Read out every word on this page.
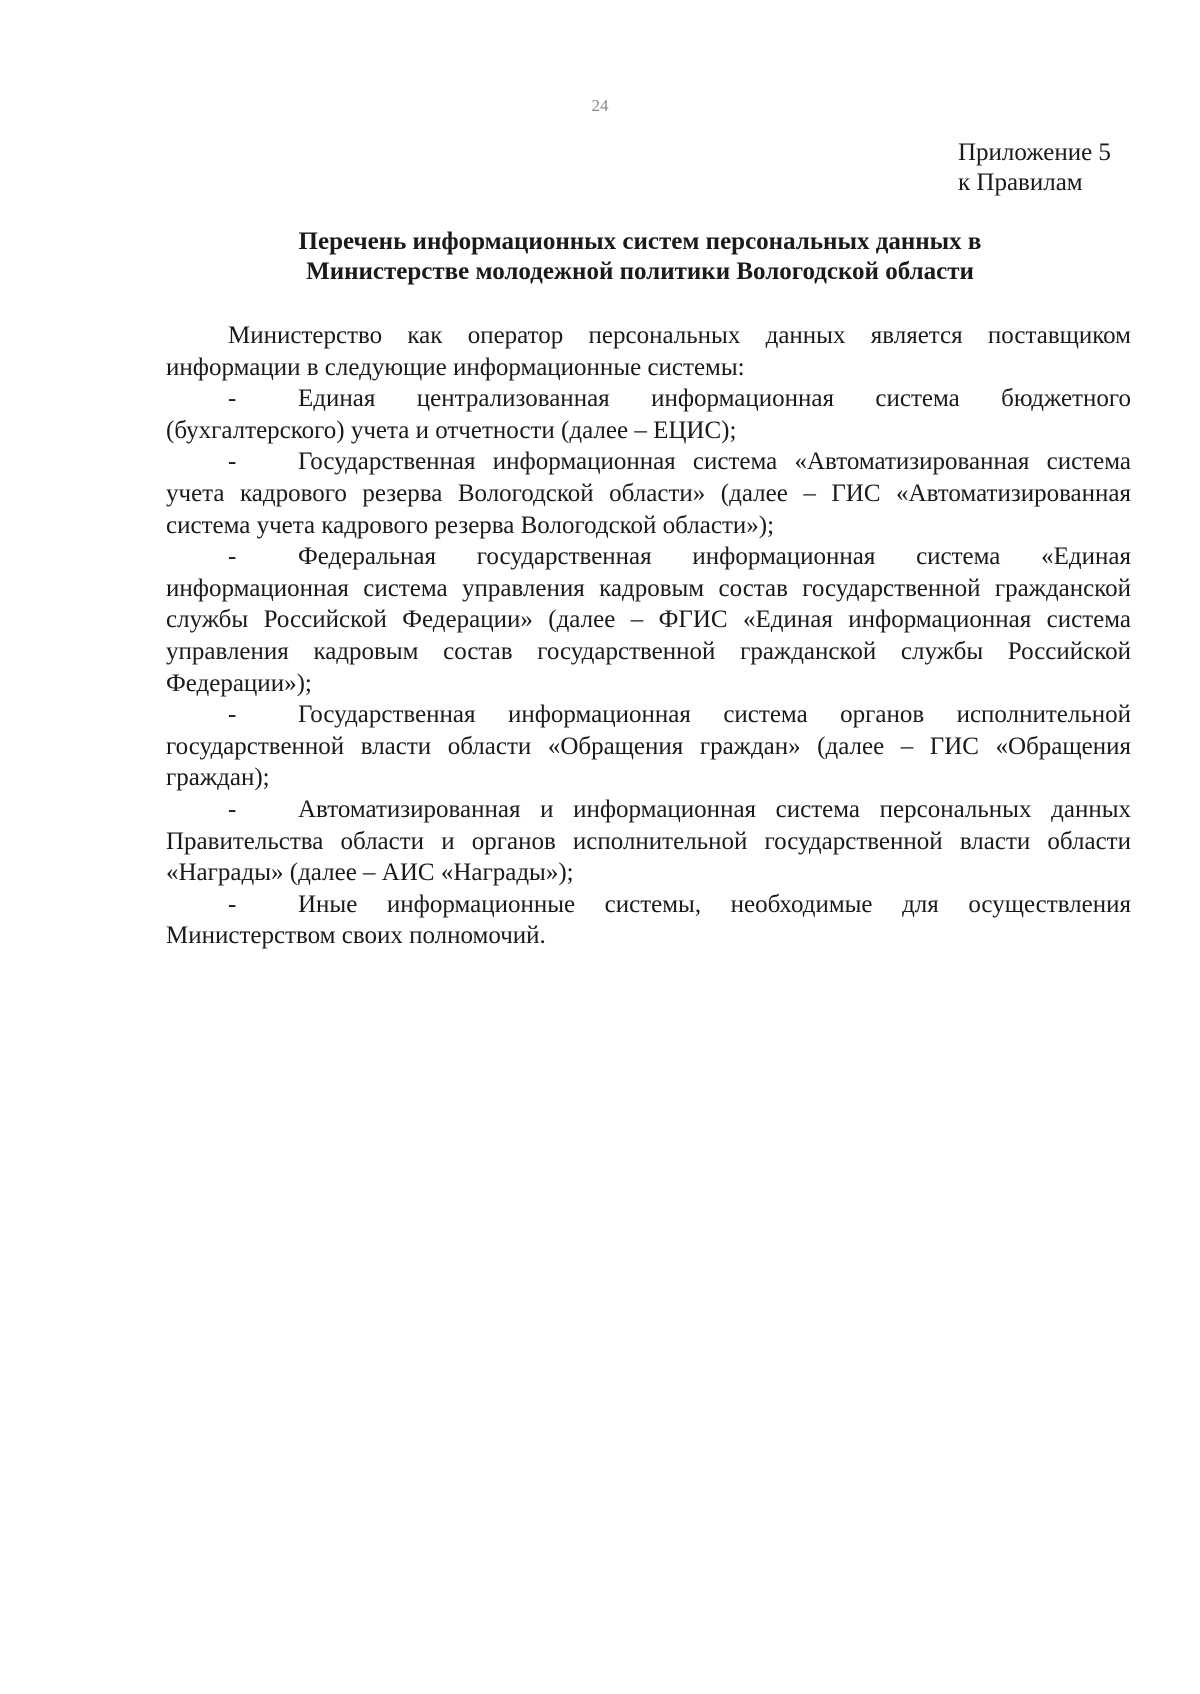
24
Приложение 5
к Правилам
Перечень информационных систем персональных данных в
Министерстве молодежной политики Вологодской области

Министерство как оператор персональных данных является поставщиком информации в следующие информационные системы:

- Единая централизованная информационная система бюджетного (бухгалтерского) учета и отчетности (далее – ЕЦИС);

- Государственная информационная система «Автоматизированная система учета кадрового резерва Вологодской области» (далее – ГИС «Автоматизированная система учета кадрового резерва Вологодской области»);

- Федеральная государственная информационная система «Единая информационная система управления кадровым состав государственной гражданской службы Российской Федерации» (далее – ФГИС «Единая информационная система управления кадровым состав государственной гражданской службы Российской Федерации»);

- Государственная информационная система органов исполнительной государственной власти области «Обращения граждан» (далее – ГИС «Обращения граждан);

- Автоматизированная и информационная система персональных данных Правительства области и органов исполнительной государственной власти области «Награды» (далее – АИС «Награды»);

- Иные информационные системы, необходимые для осуществления Министерством своих полномочий.
